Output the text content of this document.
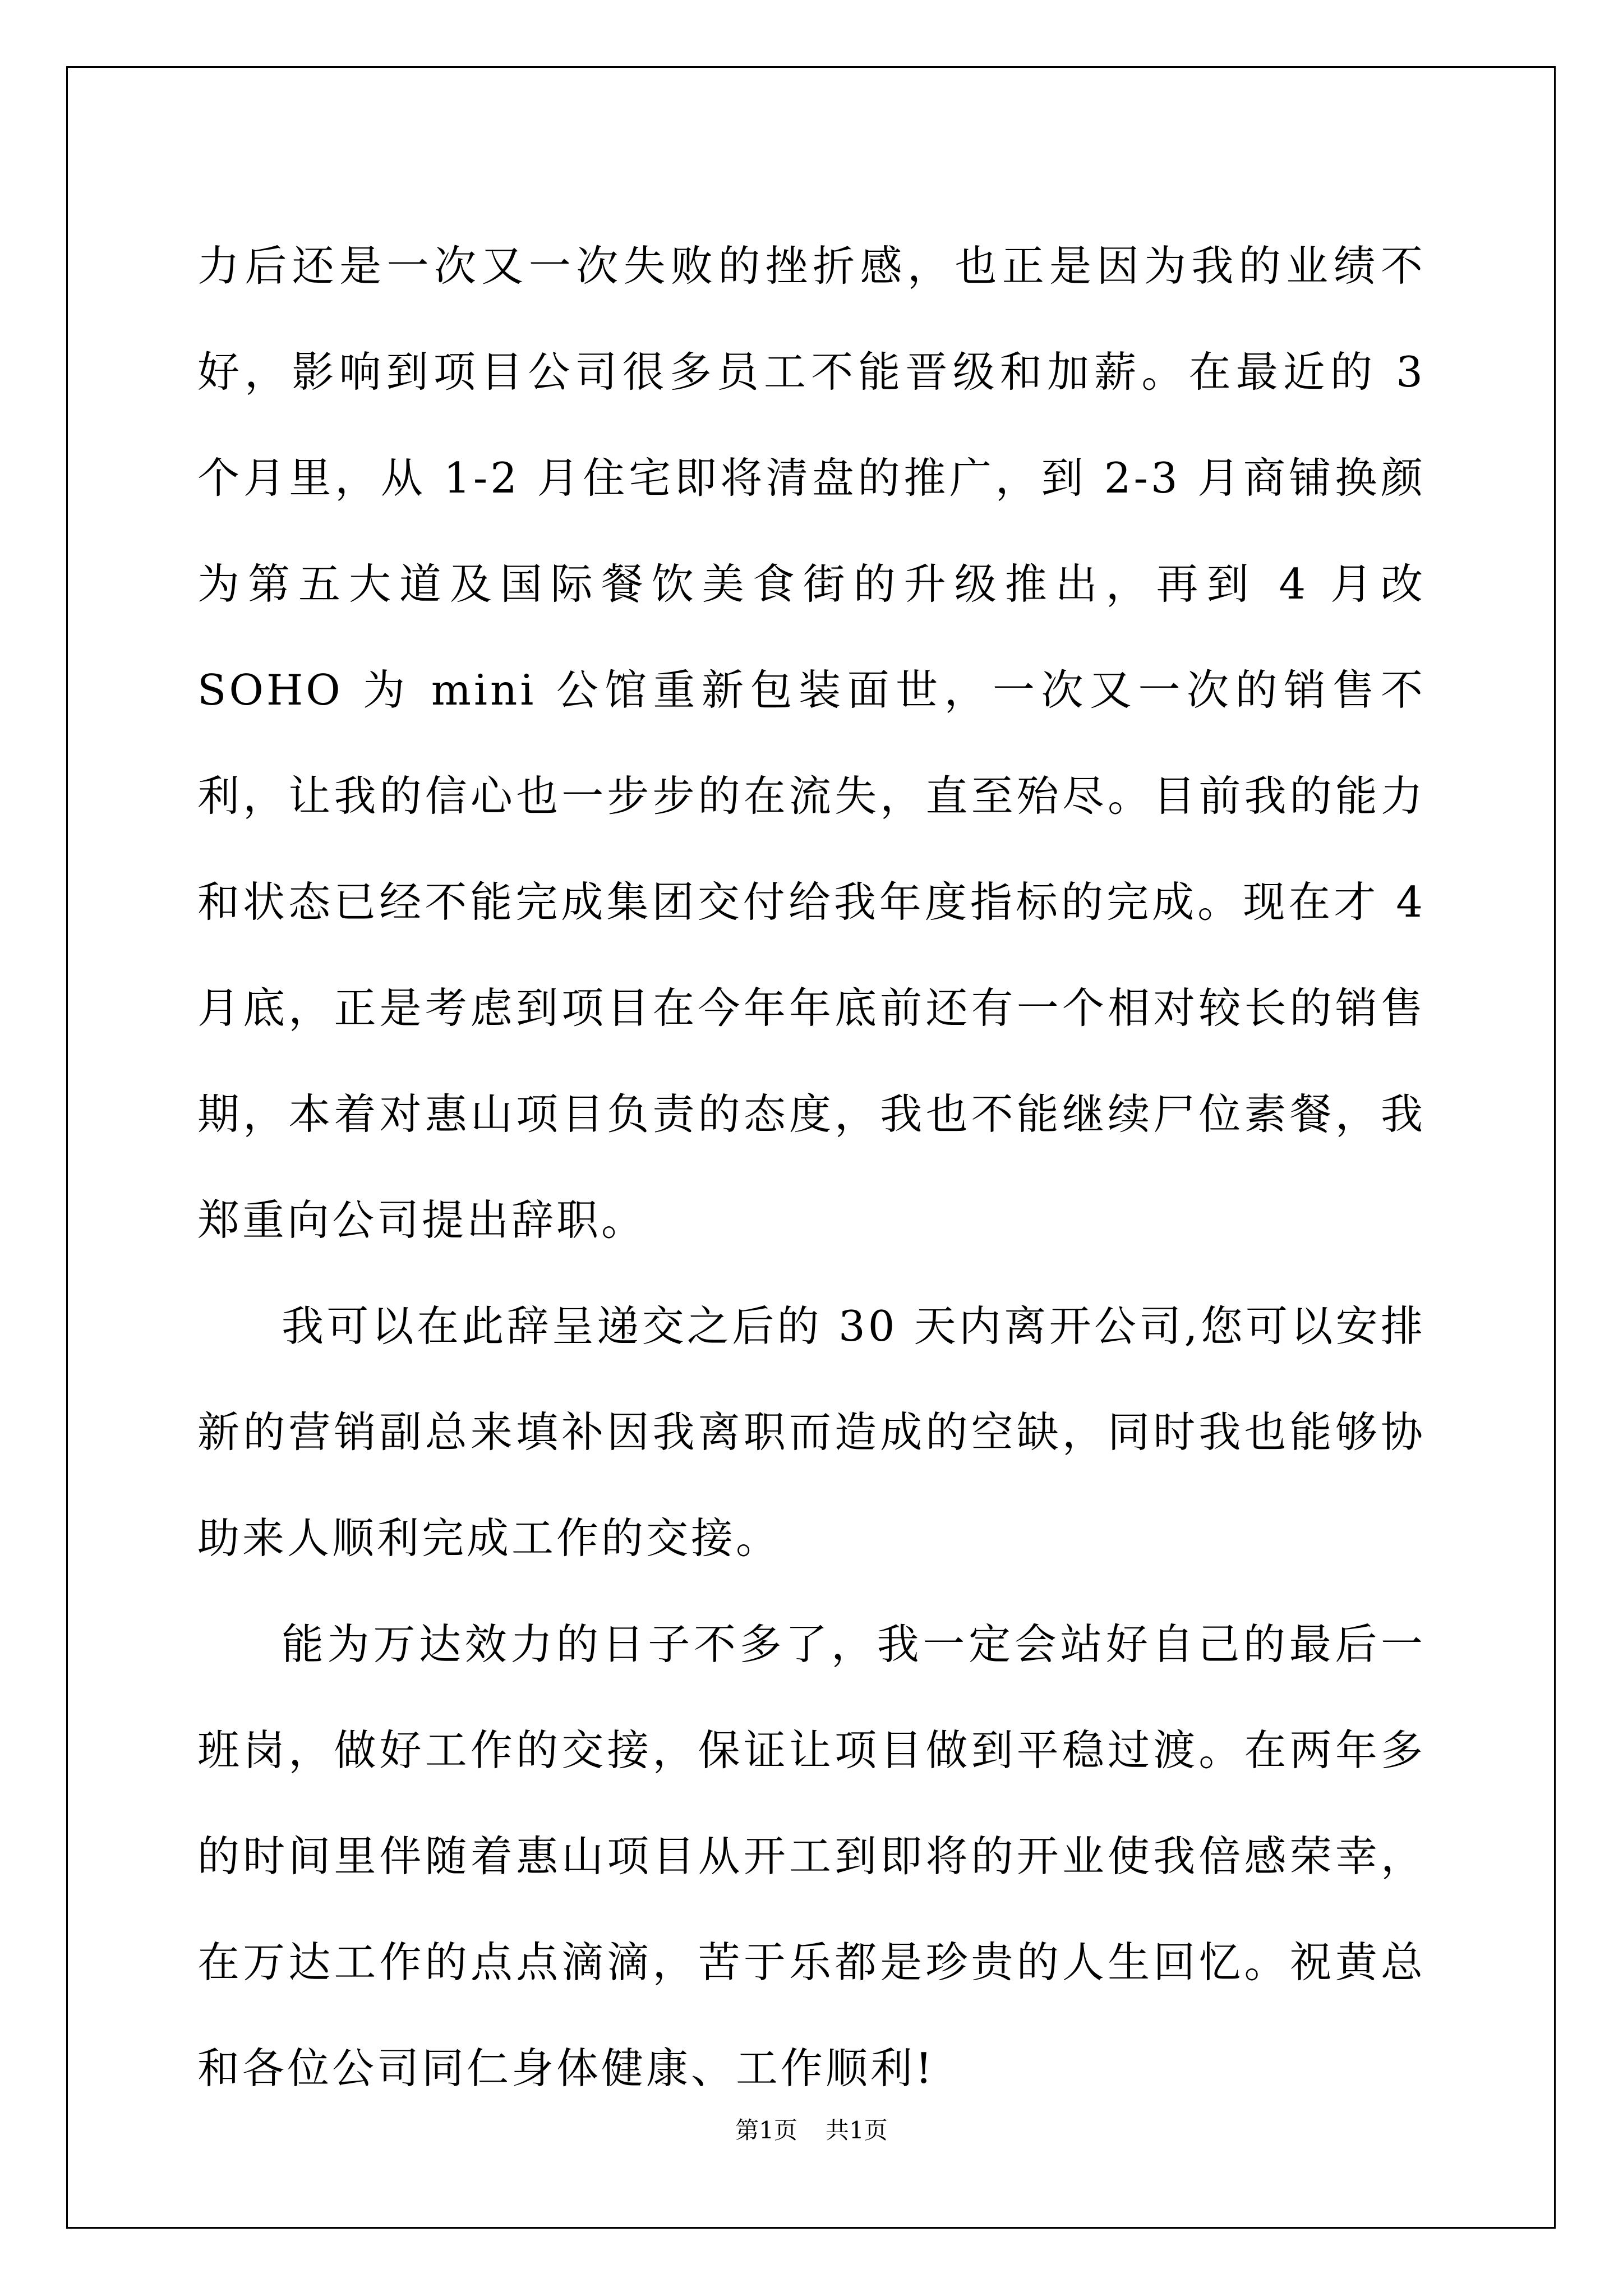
力后还是一次又一次失败的挫折感，也正是因为我的业绩不好，影响到项目公司很多员工不能晋级和加薪。在最近的 3 个月里，从 1-2 月住宅即将清盘的推广，到 2-3 月商铺换颜为第五大道及国际餐饮美食街的升级推出，再到 4 月改 SOHO 为 mini 公馆重新包装面世，一次又一次的销售不利，让我的信心也一步步的在流失，直至殆尽。目前我的能力和状态已经不能完成集团交付给我年度指标的完成。现在才 4 月底，正是考虑到项目在今年年底前还有一个相对较长的销售期，本着对惠山项目负责的态度，我也不能继续尸位素餐，我郑重向公司提出辞职。

我可以在此辞呈递交之后的 30 天内离开公司,您可以安排新的营销副总来填补因我离职而造成的空缺，同时我也能够协助来人顺利完成工作的交接。

能为万达效力的日子不多了，我一定会站好自己的最后一班岗，做好工作的交接，保证让项目做到平稳过渡。在两年多的时间里伴随着惠山项目从开工到即将的开业使我倍感荣幸，在万达工作的点点滴滴，苦于乐都是珍贵的人生回忆。祝黄总和各位公司同仁身体健康、工作顺利!

第1页 共1页
